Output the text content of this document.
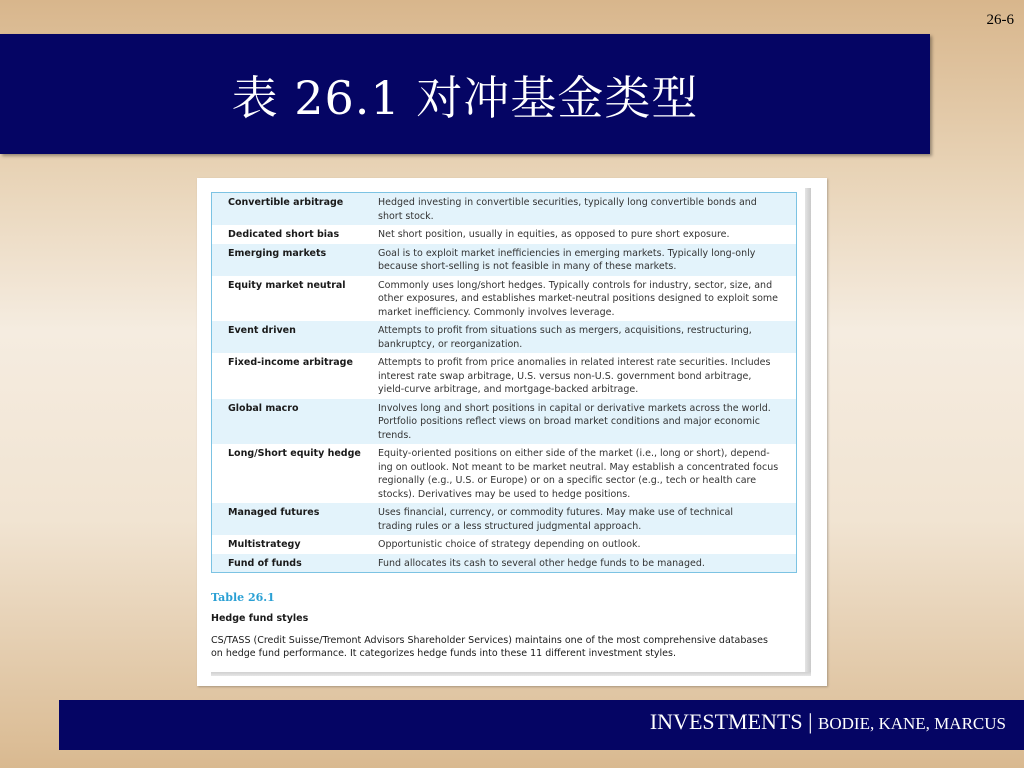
26-6
表 26.1 对冲基金类型
Convertible arbitrage	Hedged investing in convertible securities, typically long convertible bonds and
short stock.

Dedicated short bias	Net short position, usually in equities, as opposed to pure short exposure.

Emerging markets	Goal is to exploit market inefficiencies in emerging markets. Typically long-only
because short-selling is not feasible in many of these markets.

Equity market neutral	Commonly uses long/short hedges. Typically controls for industry, sector, size, and
other exposures, and establishes market-neutral positions designed to exploit some
market inefficiency. Commonly involves leverage.

Event driven	Attempts to profit from situations such as mergers, acquisitions, restructuring,
bankruptcy, or reorganization.

Fixed-income arbitrage	Attempts to profit from price anomalies in related interest rate securities. Includes
interest rate swap arbitrage, U.S. versus non-U.S. government bond arbitrage,
yield-curve arbitrage, and mortgage-backed arbitrage.

Global macro	Involves long and short positions in capital or derivative markets across the world.
Portfolio positions reflect views on broad market conditions and major economic trends.

Long/Short equity hedge	Equity-oriented positions on either side of the market (i.e., long or short), depend-
ing on outlook. Not meant to be market neutral. May establish a concentrated focus
regionally (e.g., U.S. or Europe) or on a specific sector (e.g., tech or health care
stocks). Derivatives may be used to hedge positions.

Managed futures	Uses financial, currency, or commodity futures. May make use of technical
trading rules or a less structured judgmental approach.

Multistrategy	Opportunistic choice of strategy depending on outlook.

Fund of funds	Fund allocates its cash to several other hedge funds to be managed.
Table 26.1
Hedge fund styles
CS/TASS (Credit Suisse/Tremont Advisors Shareholder Services) maintains one of the most comprehensive databases
on hedge fund performance. It categorizes hedge funds into these 11 different investment styles.
INVESTMENTS | BODIE, KANE, MARCUS
